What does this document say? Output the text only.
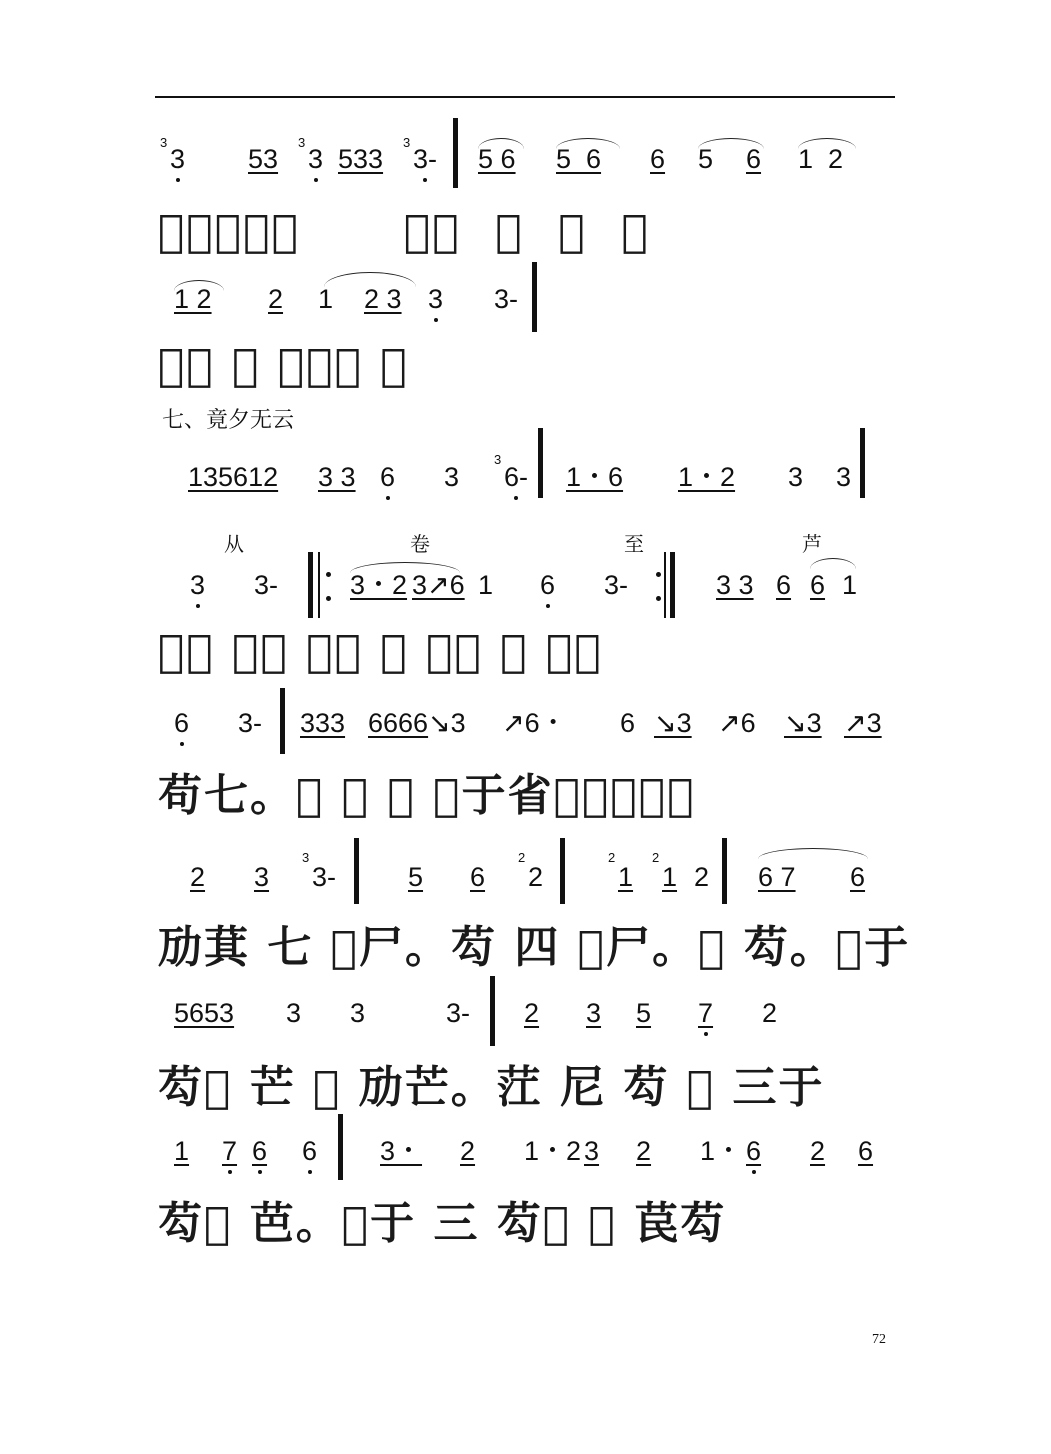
3
3 53
3
3 533
3
3- 5 6 5  6 6 5 6 1  2
𫁵㕖。㕗。      𫀺𢆮  𣱉  𢆮  𫆨
1 2 2 1 2 3 3 3-
𫆨㐌 勻 𫆨㕿㖹 芢
七、竟夕无云
135612 3 3 6 3
3
6- 1・6 1・2 3 3
从	卷	至	芦
3 3-	3・2 3↗6 1 6 3-	3 3 6 6 1
𫝒芭 𫇸𢍏 𫆨亡 苟 七省 𫝒 𫆨亡
6 3- 333 6666 ↘3 ↗6・ 6 ↘3 ↗6 ↘3 ↗3
苟七。𫝒 𫝒 𫝒 𫆨于省𫆨𫝒𫆨𫝒𫆨
2 3
3
3-	5 6
2
2
2
1
2
1 2 6 7 6
劢萁 七 𫝒尸。芶 四 𫝒尸。𫝒 芶。𫆨于
5653 3 3	3- 2 3 5 7 2
芶𫝒 芒 𫝒 劢芒。茳 尼 芶 𫇸 三于
1 7 6 6 3・ 2 1・2 3 2 1・ 6 2 6
芶𫝒 芭。𫝒于 三 芶𫝒 𫝒 苠芶
72
